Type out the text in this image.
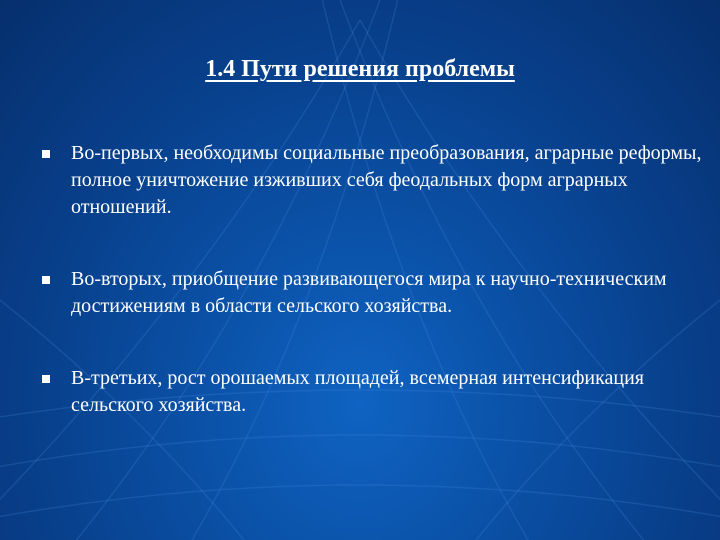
1.4 Пути решения проблемы
Во-первых, необходимы социальные преобразования, аграрные реформы, полное уничтожение изживших себя феодальных форм аграрных отношений.
Во-вторых, приобщение развивающегося мира к научно-техническим достижениям в области сельского хозяйства.
В-третьих, рост орошаемых площадей, всемерная интенсификация сельского хозяйства.
